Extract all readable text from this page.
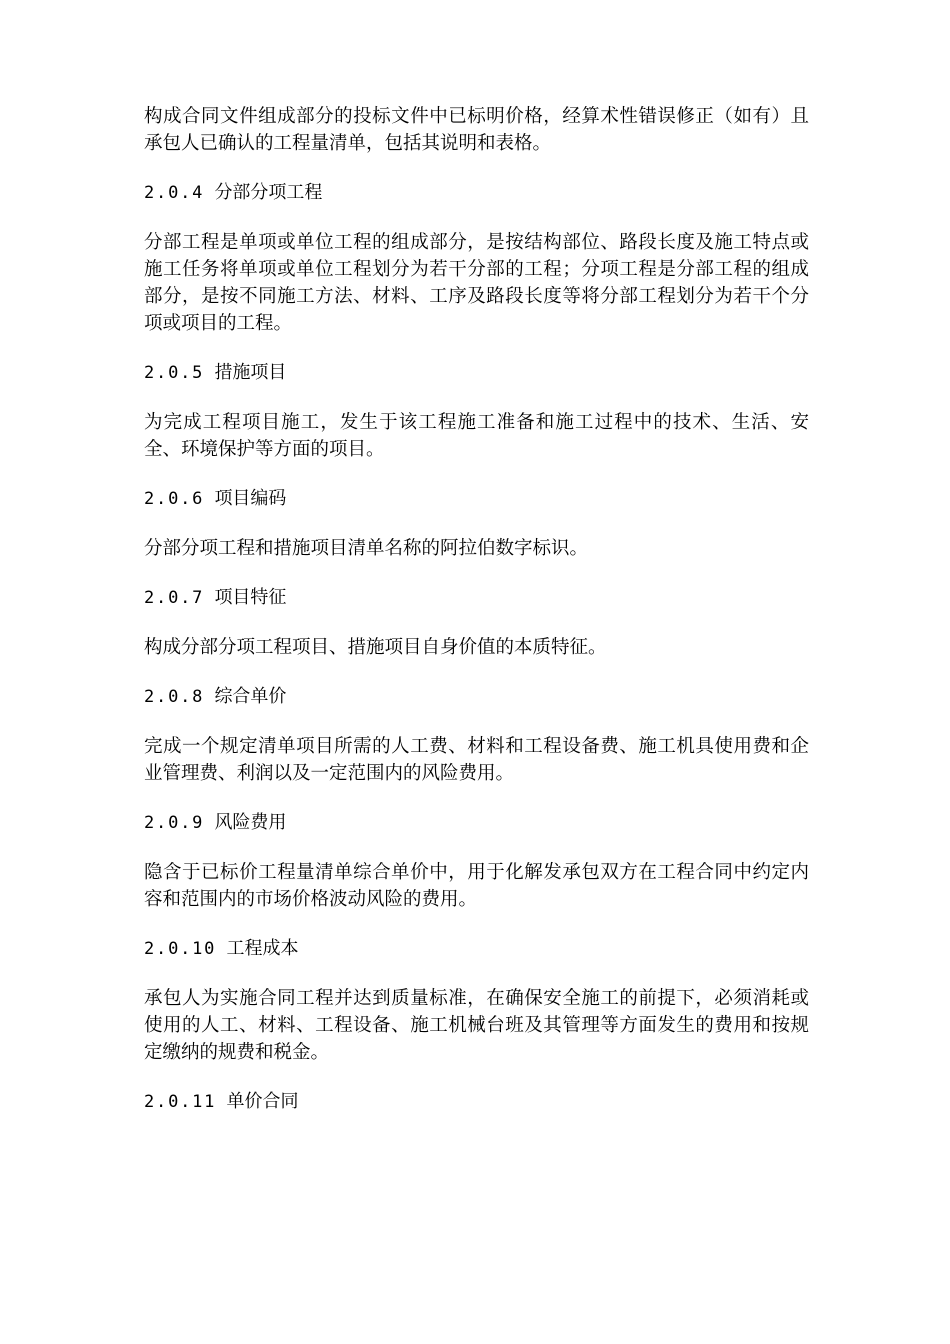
构成合同文件组成部分的投标文件中已标明价格，经算术性错误修正（如有）且承包人已确认的工程量清单，包括其说明和表格。

2.0.4 分部分项工程

分部工程是单项或单位工程的组成部分，是按结构部位、路段长度及施工特点或施工任务将单项或单位工程划分为若干分部的工程；分项工程是分部工程的组成部分，是按不同施工方法、材料、工序及路段长度等将分部工程划分为若干个分项或项目的工程。

2.0.5 措施项目

为完成工程项目施工，发生于该工程施工准备和施工过程中的技术、生活、安全、环境保护等方面的项目。

2.0.6 项目编码

分部分项工程和措施项目清单名称的阿拉伯数字标识。

2.0.7 项目特征

构成分部分项工程项目、措施项目自身价值的本质特征。

2.0.8 综合单价

完成一个规定清单项目所需的人工费、材料和工程设备费、施工机具使用费和企业管理费、利润以及一定范围内的风险费用。

2.0.9 风险费用

隐含于已标价工程量清单综合单价中，用于化解发承包双方在工程合同中约定内容和范围内的市场价格波动风险的费用。

2.0.10 工程成本

承包人为实施合同工程并达到质量标准，在确保安全施工的前提下，必须消耗或使用的人工、材料、工程设备、施工机械台班及其管理等方面发生的费用和按规定缴纳的规费和税金。

2.0.11 单价合同
